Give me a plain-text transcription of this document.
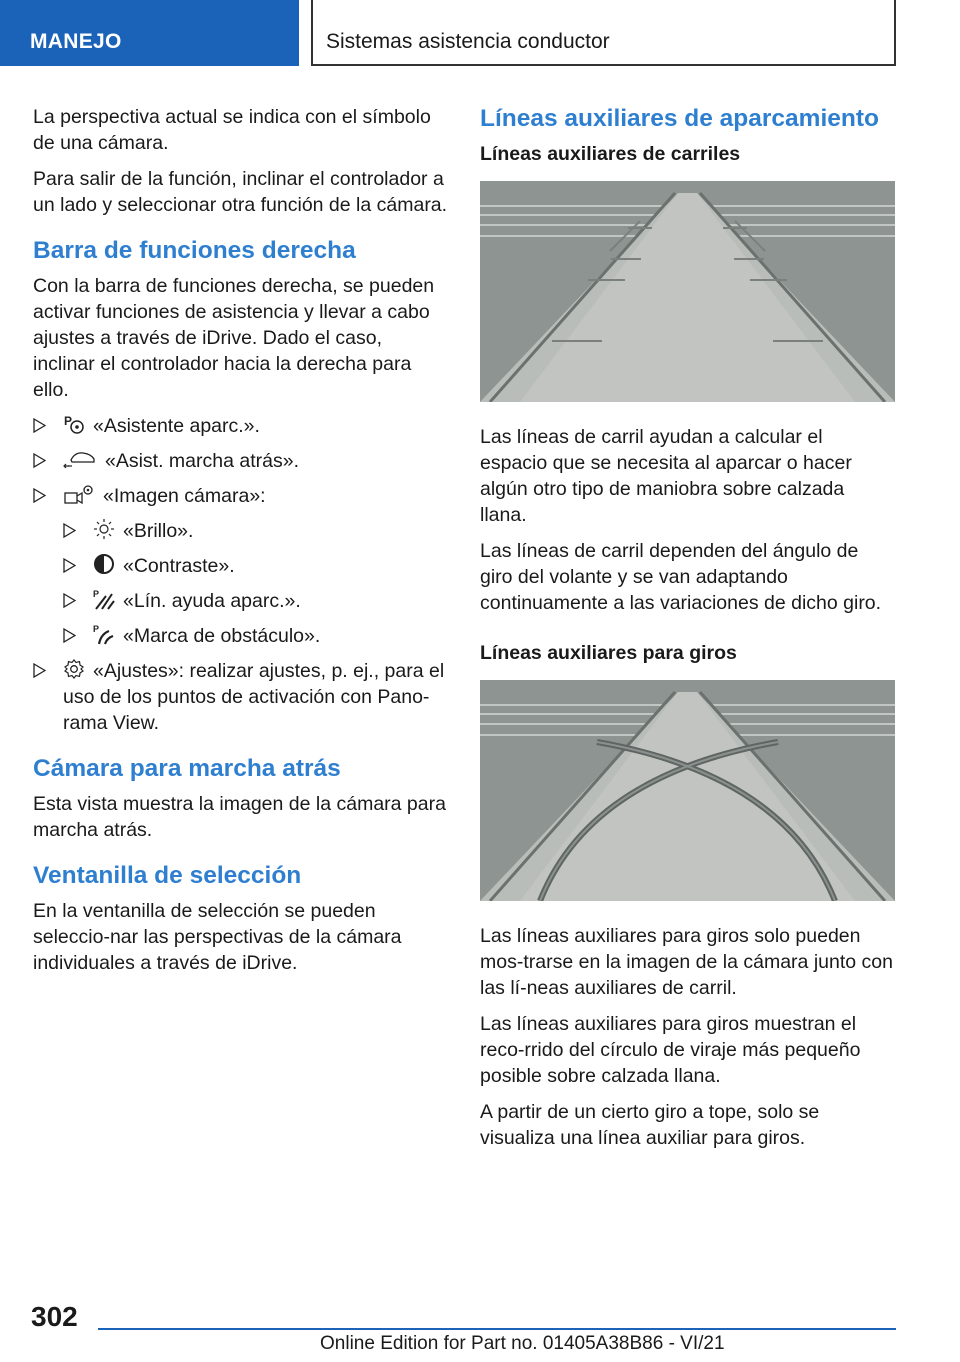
MANEJO	Sistemas asistencia conductor

La perspectiva actual se indica con el símbolo de una cámara.

Para salir de la función, inclinar el controlador a un lado y seleccionar otra función de la cámara.

Barra de funciones derecha

Con la barra de funciones derecha, se pueden activar funciones de asistencia y llevar a cabo ajustes a través de iDrive. Dado el caso, inclinar el controlador hacia la derecha para ello.

P «Asistente aparc.».
«Asist. marcha atrás».
«Imagen cámara»:
«Brillo».
«Contraste».
P «Lín. ayuda aparc.».
P «Marca de obstáculo».
«Ajustes»: realizar ajustes, p. ej., para el uso de los puntos de activación con Pano-rama View.
Cámara para marcha atrás

Esta vista muestra la imagen de la cámara para marcha atrás.

Ventanilla de selección

En la ventanilla de selección se pueden seleccio-nar las perspectivas de la cámara individuales a través de iDrive.

Líneas auxiliares de aparcamiento
Líneas auxiliares de carriles

Las líneas de carril ayudan a calcular el espacio que se necesita al aparcar o hacer algún otro tipo de maniobra sobre calzada llana.

Las líneas de carril dependen del ángulo de giro del volante y se van adaptando continuamente a las variaciones de dicho giro.

Líneas auxiliares para giros

Las líneas auxiliares para giros solo pueden mos-trarse en la imagen de la cámara junto con las lí-neas auxiliares de carril.

Las líneas auxiliares para giros muestran el reco-rrido del círculo de viraje más pequeño posible sobre calzada llana.

A partir de un cierto giro a tope, solo se visualiza una línea auxiliar para giros.

302
Online Edition for Part no. 01405A38B86 - VI/21
